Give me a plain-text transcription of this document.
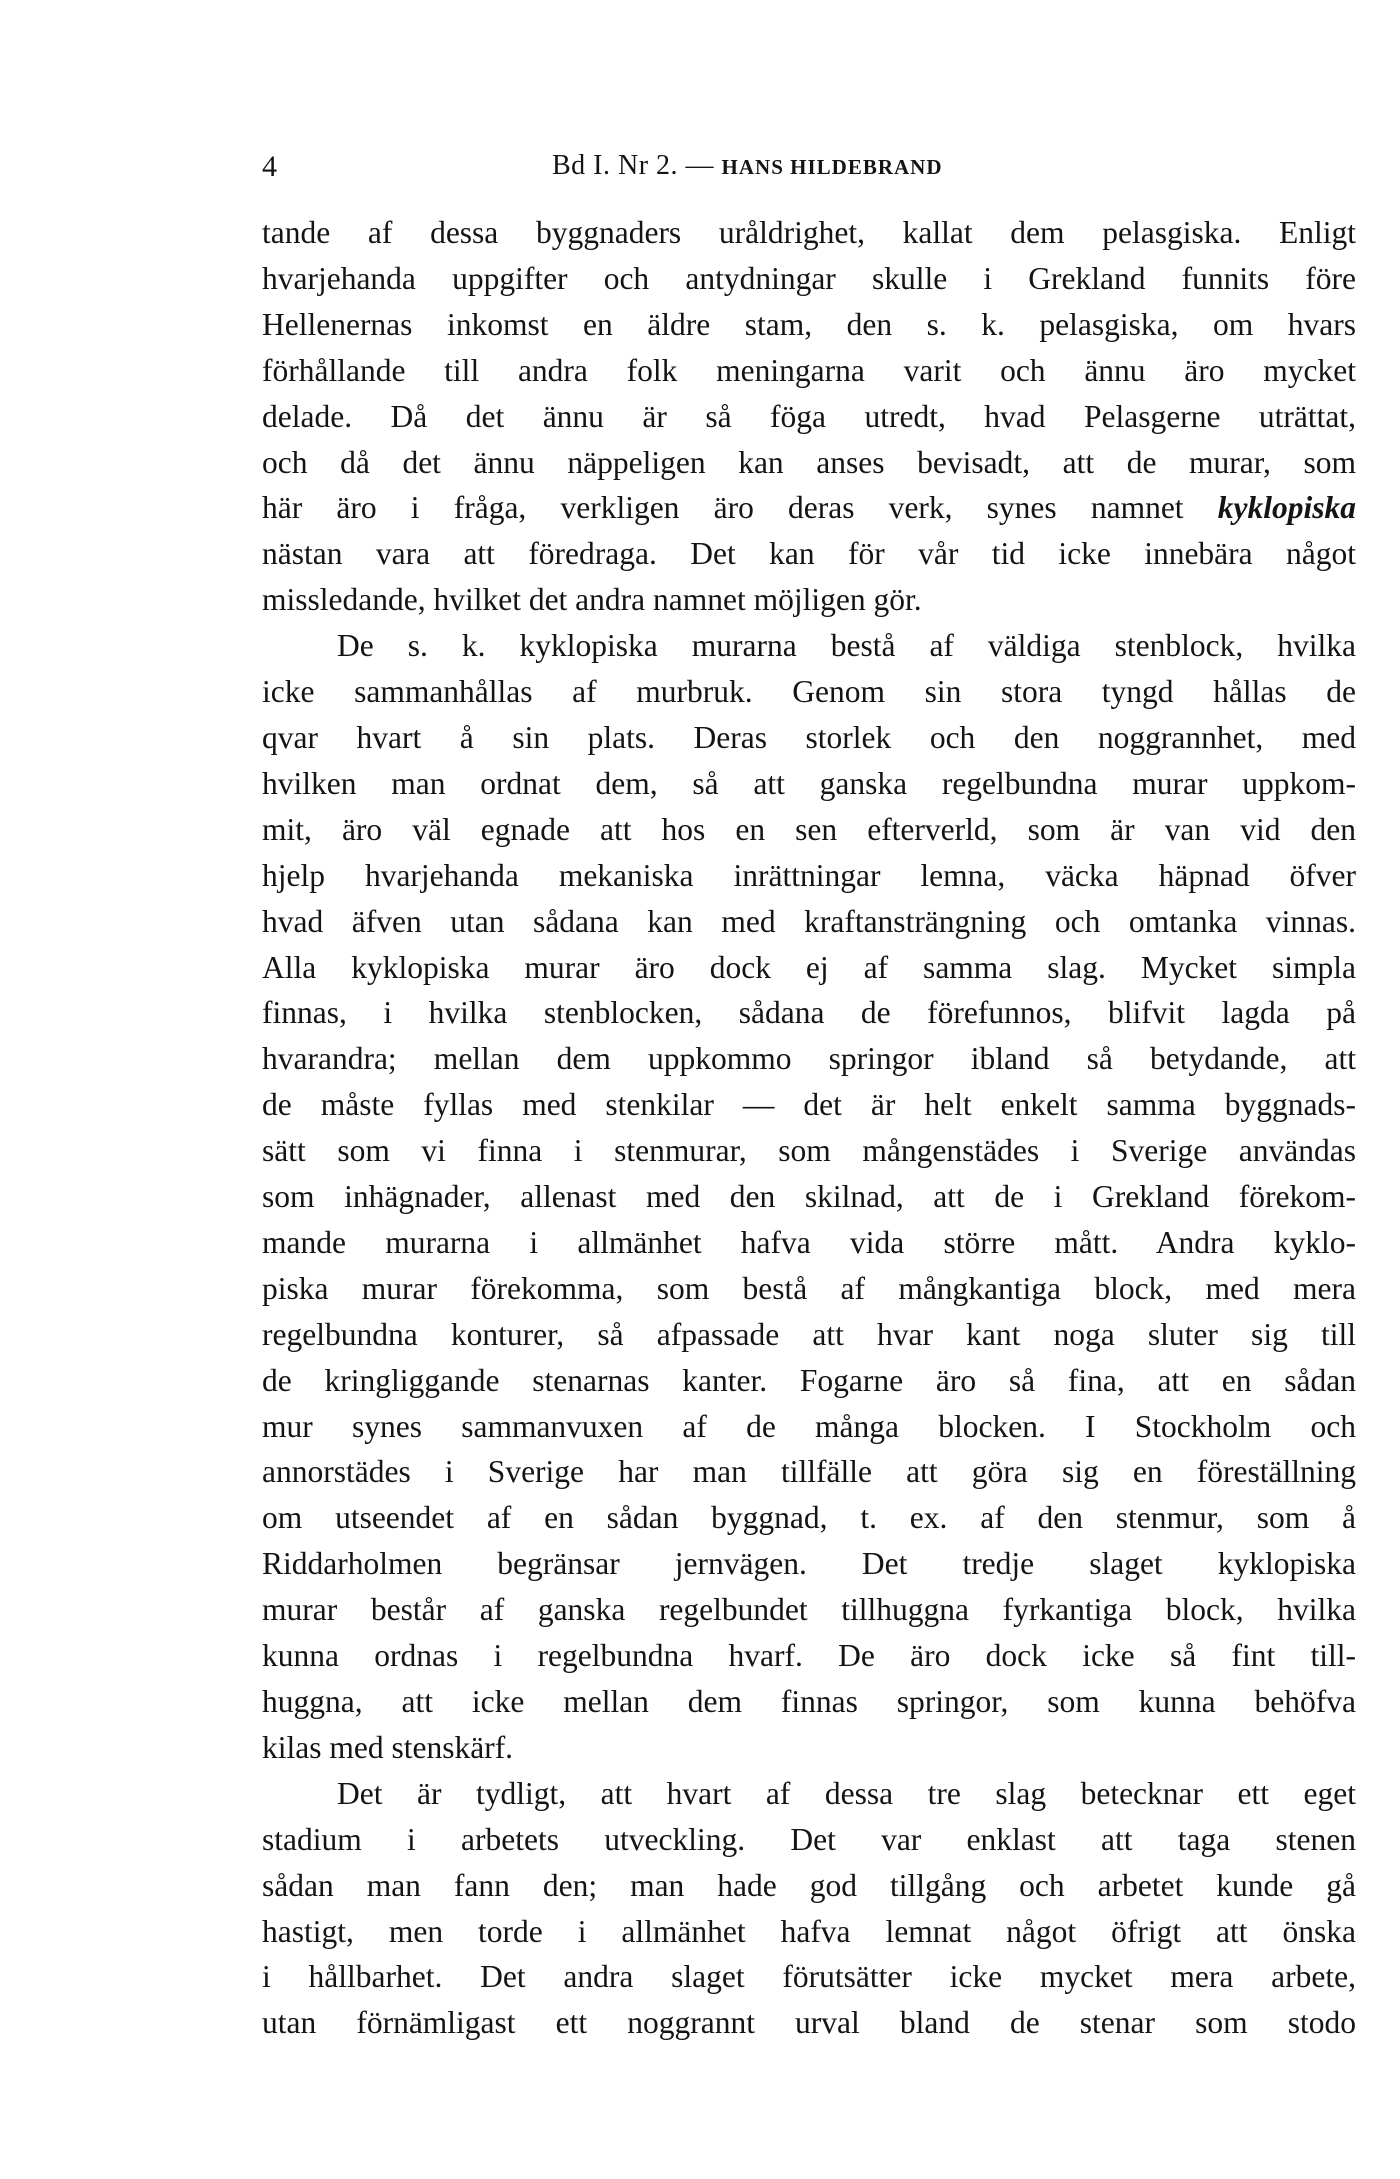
4	Bd I. Nr 2. — HANS HILDEBRAND

tande af dessa byggnaders uråldrighet, kallat dem pelasgiska. Enligt
hvarjehanda uppgifter och antydningar skulle i Grekland funnits före
Hellenernas inkomst en äldre stam, den s. k. pelasgiska, om hvars
förhållande till andra folk meningarna varit och ännu äro mycket
delade. Då det ännu är så föga utredt, hvad Pelasgerne uträttat,
och då det ännu näppeligen kan anses bevisadt, att de murar, som
här äro i fråga, verkligen äro deras verk, synes namnet kyklopiska
nästan vara att föredraga. Det kan för vår tid icke innebära något
missledande, hvilket det andra namnet möjligen gör.

De s. k. kyklopiska murarna bestå af väldiga stenblock, hvilka
icke sammanhållas af murbruk. Genom sin stora tyngd hållas de
qvar hvart å sin plats. Deras storlek och den noggrannhet, med
hvilken man ordnat dem, så att ganska regelbundna murar uppkom-
mit, äro väl egnade att hos en sen efterverld, som är van vid den
hjelp hvarjehanda mekaniska inrättningar lemna, väcka häpnad öfver
hvad äfven utan sådana kan med kraftansträngning och omtanka vinnas.
Alla kyklopiska murar äro dock ej af samma slag. Mycket simpla
finnas, i hvilka stenblocken, sådana de förefunnos, blifvit lagda på
hvarandra; mellan dem uppkommo springor ibland så betydande, att
de måste fyllas med stenkilar — det är helt enkelt samma byggnads-
sätt som vi finna i stenmurar, som mångenstädes i Sverige användas
som inhägnader, allenast med den skilnad, att de i Grekland förekom-
mande murarna i allmänhet hafva vida större mått. Andra kyklo-
piska murar förekomma, som bestå af mångkantiga block, med mera
regelbundna konturer, så afpassade att hvar kant noga sluter sig till
de kringliggande stenarnas kanter. Fogarne äro så fina, att en sådan
mur synes sammanvuxen af de många blocken. I Stockholm och
annorstädes i Sverige har man tillfälle att göra sig en föreställning
om utseendet af en sådan byggnad, t. ex. af den stenmur, som å
Riddarholmen begränsar jernvägen. Det tredje slaget kyklopiska
murar består af ganska regelbundet tillhuggna fyrkantiga block, hvilka
kunna ordnas i regelbundna hvarf. De äro dock icke så fint till-
huggna, att icke mellan dem finnas springor, som kunna behöfva
kilas med stenskärf.

Det är tydligt, att hvart af dessa tre slag betecknar ett eget
stadium i arbetets utveckling. Det var enklast att taga stenen
sådan man fann den; man hade god tillgång och arbetet kunde gå
hastigt, men torde i allmänhet hafva lemnat något öfrigt att önska
i hållbarhet. Det andra slaget förutsätter icke mycket mera arbete,
utan förnämligast ett noggrannt urval bland de stenar som stodo
